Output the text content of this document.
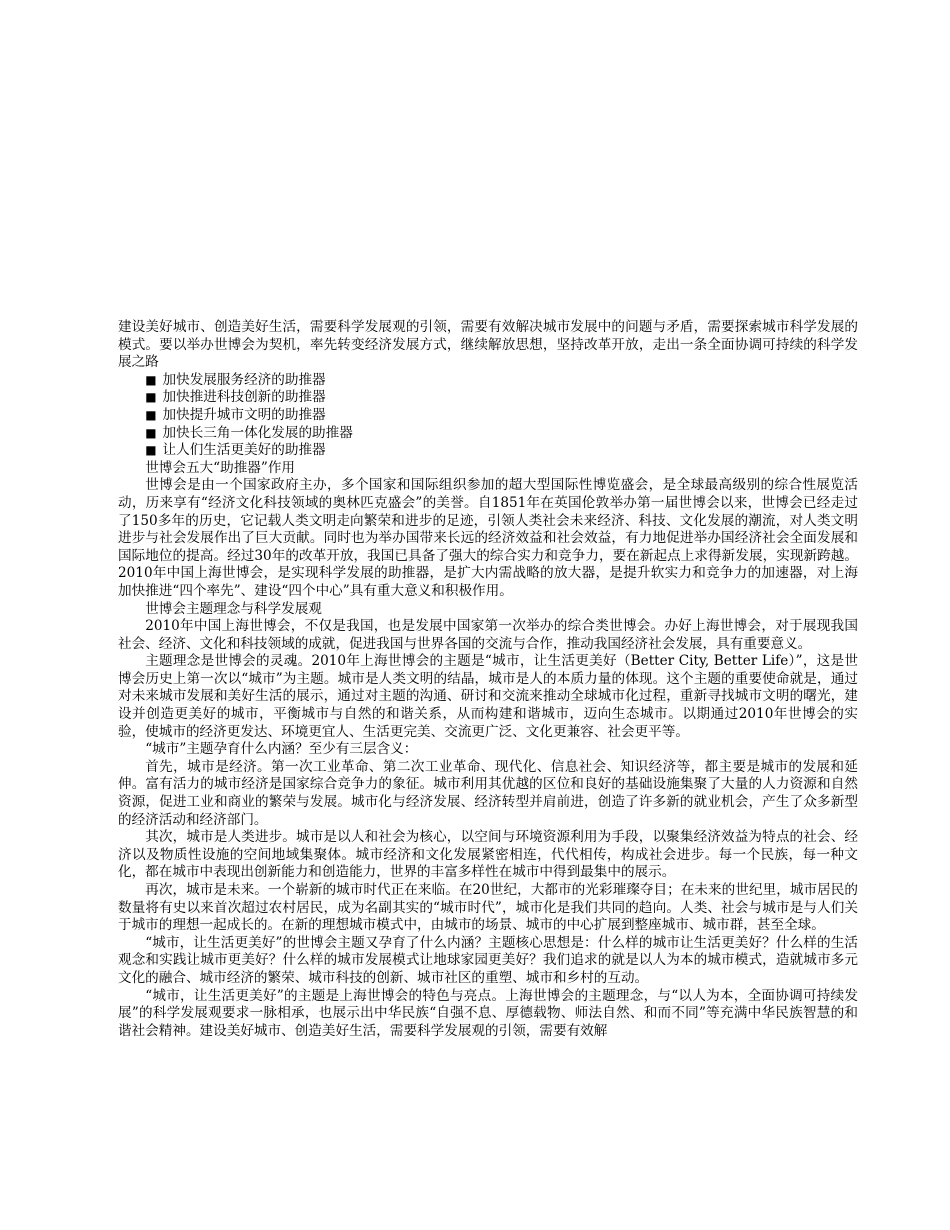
建设美好城市、创造美好生活，需要科学发展观的引领，需要有效解决城市发展中的问题与矛盾，需要探索城市科学发展的模式。要以举办世博会为契机，率先转变经济发展方式，继续解放思想，坚持改革开放，走出一条全面协调可持续的科学发展之路

■ 加快发展服务经济的助推器
■ 加快推进科技创新的助推器
■ 加快提升城市文明的助推器
■ 加快长三角一体化发展的助推器
■ 让人们生活更美好的助推器

世博会五大“助推器”作用

世博会是由一个国家政府主办，多个国家和国际组织参加的超大型国际性博览盛会，是全球最高级别的综合性展览活动，历来享有“经济文化科技领域的奥林匹克盛会”的美誉。自1851年在英国伦敦举办第一届世博会以来，世博会已经走过了150多年的历史，它记载人类文明走向繁荣和进步的足迹，引领人类社会未来经济、科技、文化发展的潮流，对人类文明进步与社会发展作出了巨大贡献。同时也为举办国带来长远的经济效益和社会效益，有力地促进举办国经济社会全面发展和国际地位的提高。经过30年的改革开放，我国已具备了强大的综合实力和竞争力，要在新起点上求得新发展，实现新跨越。2010年中国上海世博会，是实现科学发展的助推器，是扩大内需战略的放大器，是提升软实力和竞争力的加速器，对上海加快推进“四个率先”、建设“四个中心”具有重大意义和积极作用。

世博会主题理念与科学发展观

2010年中国上海世博会，不仅是我国，也是发展中国家第一次举办的综合类世博会。办好上海世博会，对于展现我国社会、经济、文化和科技领域的成就，促进我国与世界各国的交流与合作，推动我国经济社会发展，具有重要意义。

主题理念是世博会的灵魂。2010年上海世博会的主题是“城市，让生活更美好（Better City, Better Life）”，这是世博会历史上第一次以“城市”为主题。城市是人类文明的结晶，城市是人的本质力量的体现。这个主题的重要使命就是，通过对未来城市发展和美好生活的展示，通过对主题的沟通、研讨和交流来推动全球城市化过程，重新寻找城市文明的曙光，建设并创造更美好的城市，平衡城市与自然的和谐关系，从而构建和谐城市，迈向生态城市。以期通过2010年世博会的实验，使城市的经济更发达、环境更宜人、生活更完美、交流更广泛、文化更兼容、社会更平等。

“城市”主题孕育什么内涵？至少有三层含义：

首先，城市是经济。第一次工业革命、第二次工业革命、现代化、信息社会、知识经济等，都主要是城市的发展和延伸。富有活力的城市经济是国家综合竞争力的象征。城市利用其优越的区位和良好的基础设施集聚了大量的人力资源和自然资源，促进工业和商业的繁荣与发展。城市化与经济发展、经济转型并肩前进，创造了许多新的就业机会，产生了众多新型的经济活动和经济部门。

其次，城市是人类进步。城市是以人和社会为核心，以空间与环境资源利用为手段，以聚集经济效益为特点的社会、经济以及物质性设施的空间地域集聚体。城市经济和文化发展紧密相连，代代相传，构成社会进步。每一个民族，每一种文化，都在城市中表现出创新能力和创造能力，世界的丰富多样性在城市中得到最集中的展示。

再次，城市是未来。一个崭新的城市时代正在来临。在20世纪，大都市的光彩璀璨夺目；在未来的世纪里，城市居民的数量将有史以来首次超过农村居民，成为名副其实的“城市时代”，城市化是我们共同的趋向。人类、社会与城市是与人们关于城市的理想一起成长的。在新的理想城市模式中，由城市的场景、城市的中心扩展到整座城市、城市群，甚至全球。

“城市，让生活更美好”的世博会主题又孕育了什么内涵？主题核心思想是：什么样的城市让生活更美好？什么样的生活观念和实践让城市更美好？什么样的城市发展模式让地球家园更美好？我们追求的就是以人为本的城市模式，造就城市多元文化的融合、城市经济的繁荣、城市科技的创新、城市社区的重塑、城市和乡村的互动。

“城市，让生活更美好”的主题是上海世博会的特色与亮点。上海世博会的主题理念，与“以人为本，全面协调可持续发展”的科学发展观要求一脉相承，也展示出中华民族“自强不息、厚德载物、师法自然、和而不同”等充满中华民族智慧的和谐社会精神。建设美好城市、创造美好生活，需要科学发展观的引领，需要有效解
